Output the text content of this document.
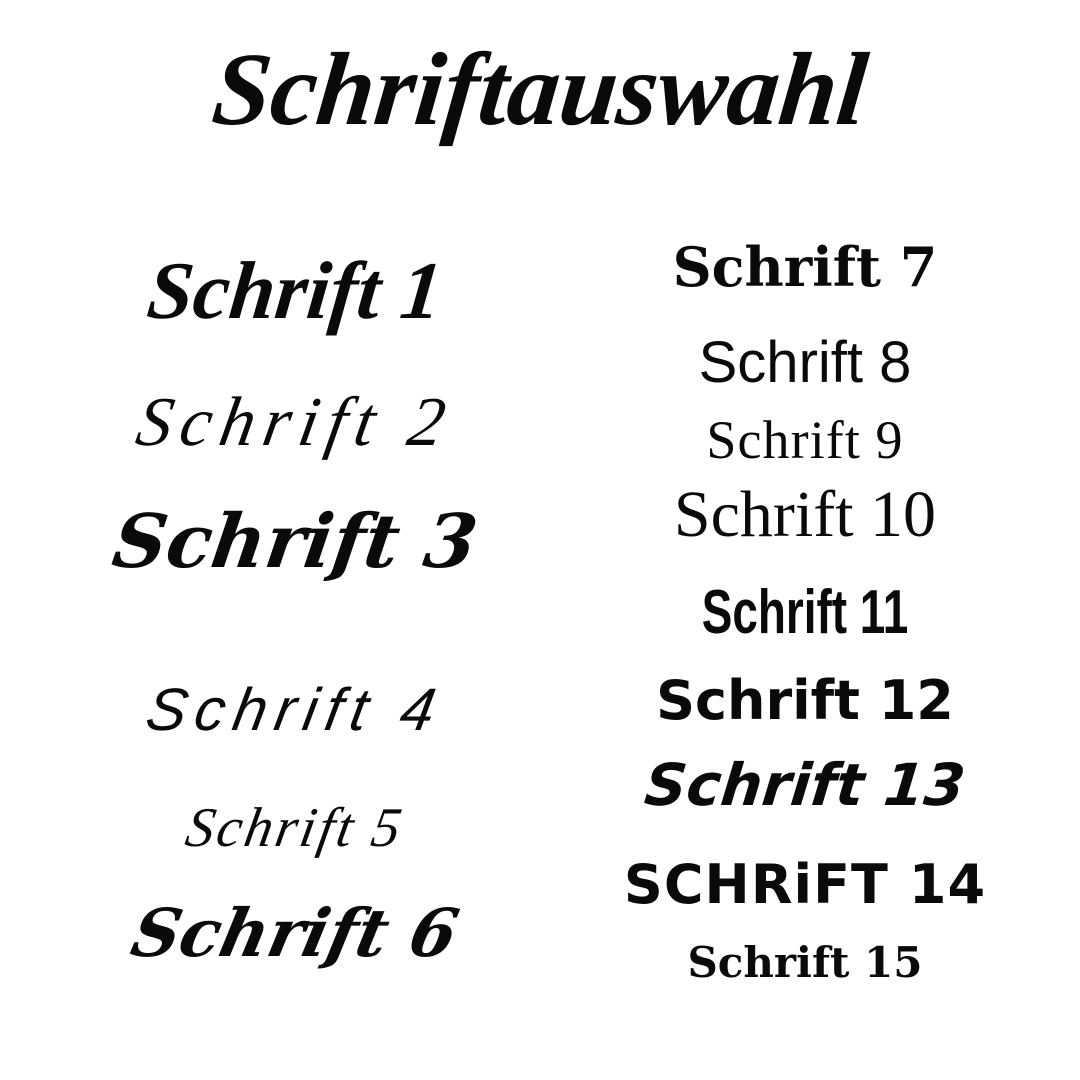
Schriftauswahl
Schrift 1
Schrift 2
Schrift 3
Schrift 4
Schrift 5
Schrift 6
Schrift 7
Schrift 8
Schrift 9
Schrift 10
Schrift 11
Schrift 12
Schrift 13
SCHRiFT 14
Schrift 15
